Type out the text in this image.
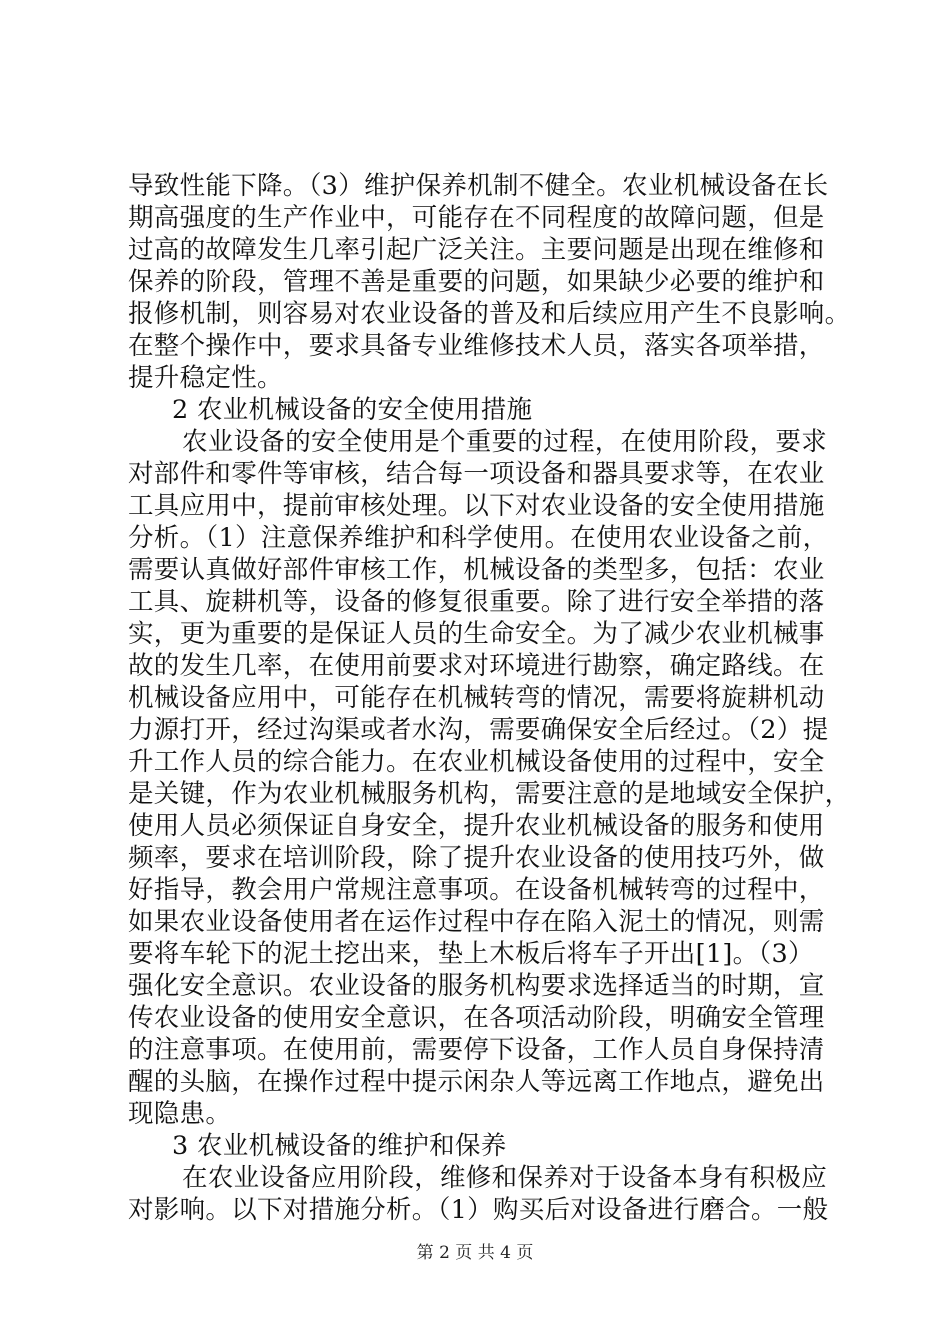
导致性能下降。（3）维护保养机制不健全。农业机械设备在长
期高强度的生产作业中，可能存在不同程度的故障问题，但是
过高的故障发生几率引起广泛关注。主要问题是出现在维修和
保养的阶段，管理不善是重要的问题，如果缺少必要的维护和
报修机制，则容易对农业设备的普及和后续应用产生不良影响。
在整个操作中，要求具备专业维修技术人员，落实各项举措，
提升稳定性。
2 农业机械设备的安全使用措施
农业设备的安全使用是个重要的过程，在使用阶段，要求
对部件和零件等审核，结合每一项设备和器具要求等，在农业
工具应用中，提前审核处理。以下对农业设备的安全使用措施
分析。（1）注意保养维护和科学使用。在使用农业设备之前，
需要认真做好部件审核工作，机械设备的类型多，包括：农业
工具、旋耕机等，设备的修复很重要。除了进行安全举措的落
实，更为重要的是保证人员的生命安全。为了减少农业机械事
故的发生几率，在使用前要求对环境进行勘察，确定路线。在
机械设备应用中，可能存在机械转弯的情况，需要将旋耕机动
力源打开，经过沟渠或者水沟，需要确保安全后经过。（2）提
升工作人员的综合能力。在农业机械设备使用的过程中，安全
是关键，作为农业机械服务机构，需要注意的是地域安全保护，
使用人员必须保证自身安全，提升农业机械设备的服务和使用
频率，要求在培训阶段，除了提升农业设备的使用技巧外，做
好指导，教会用户常规注意事项。在设备机械转弯的过程中，
如果农业设备使用者在运作过程中存在陷入泥土的情况，则需
要将车轮下的泥土挖出来，垫上木板后将车子开出[1]。（3）
强化安全意识。农业设备的服务机构要求选择适当的时期，宣
传农业设备的使用安全意识，在各项活动阶段，明确安全管理
的注意事项。在使用前，需要停下设备，工作人员自身保持清
醒的头脑，在操作过程中提示闲杂人等远离工作地点，避免出
现隐患。
3 农业机械设备的维护和保养
在农业设备应用阶段，维修和保养对于设备本身有积极应
对影响。以下对措施分析。（1）购买后对设备进行磨合。一般
第 2 页 共 4 页
